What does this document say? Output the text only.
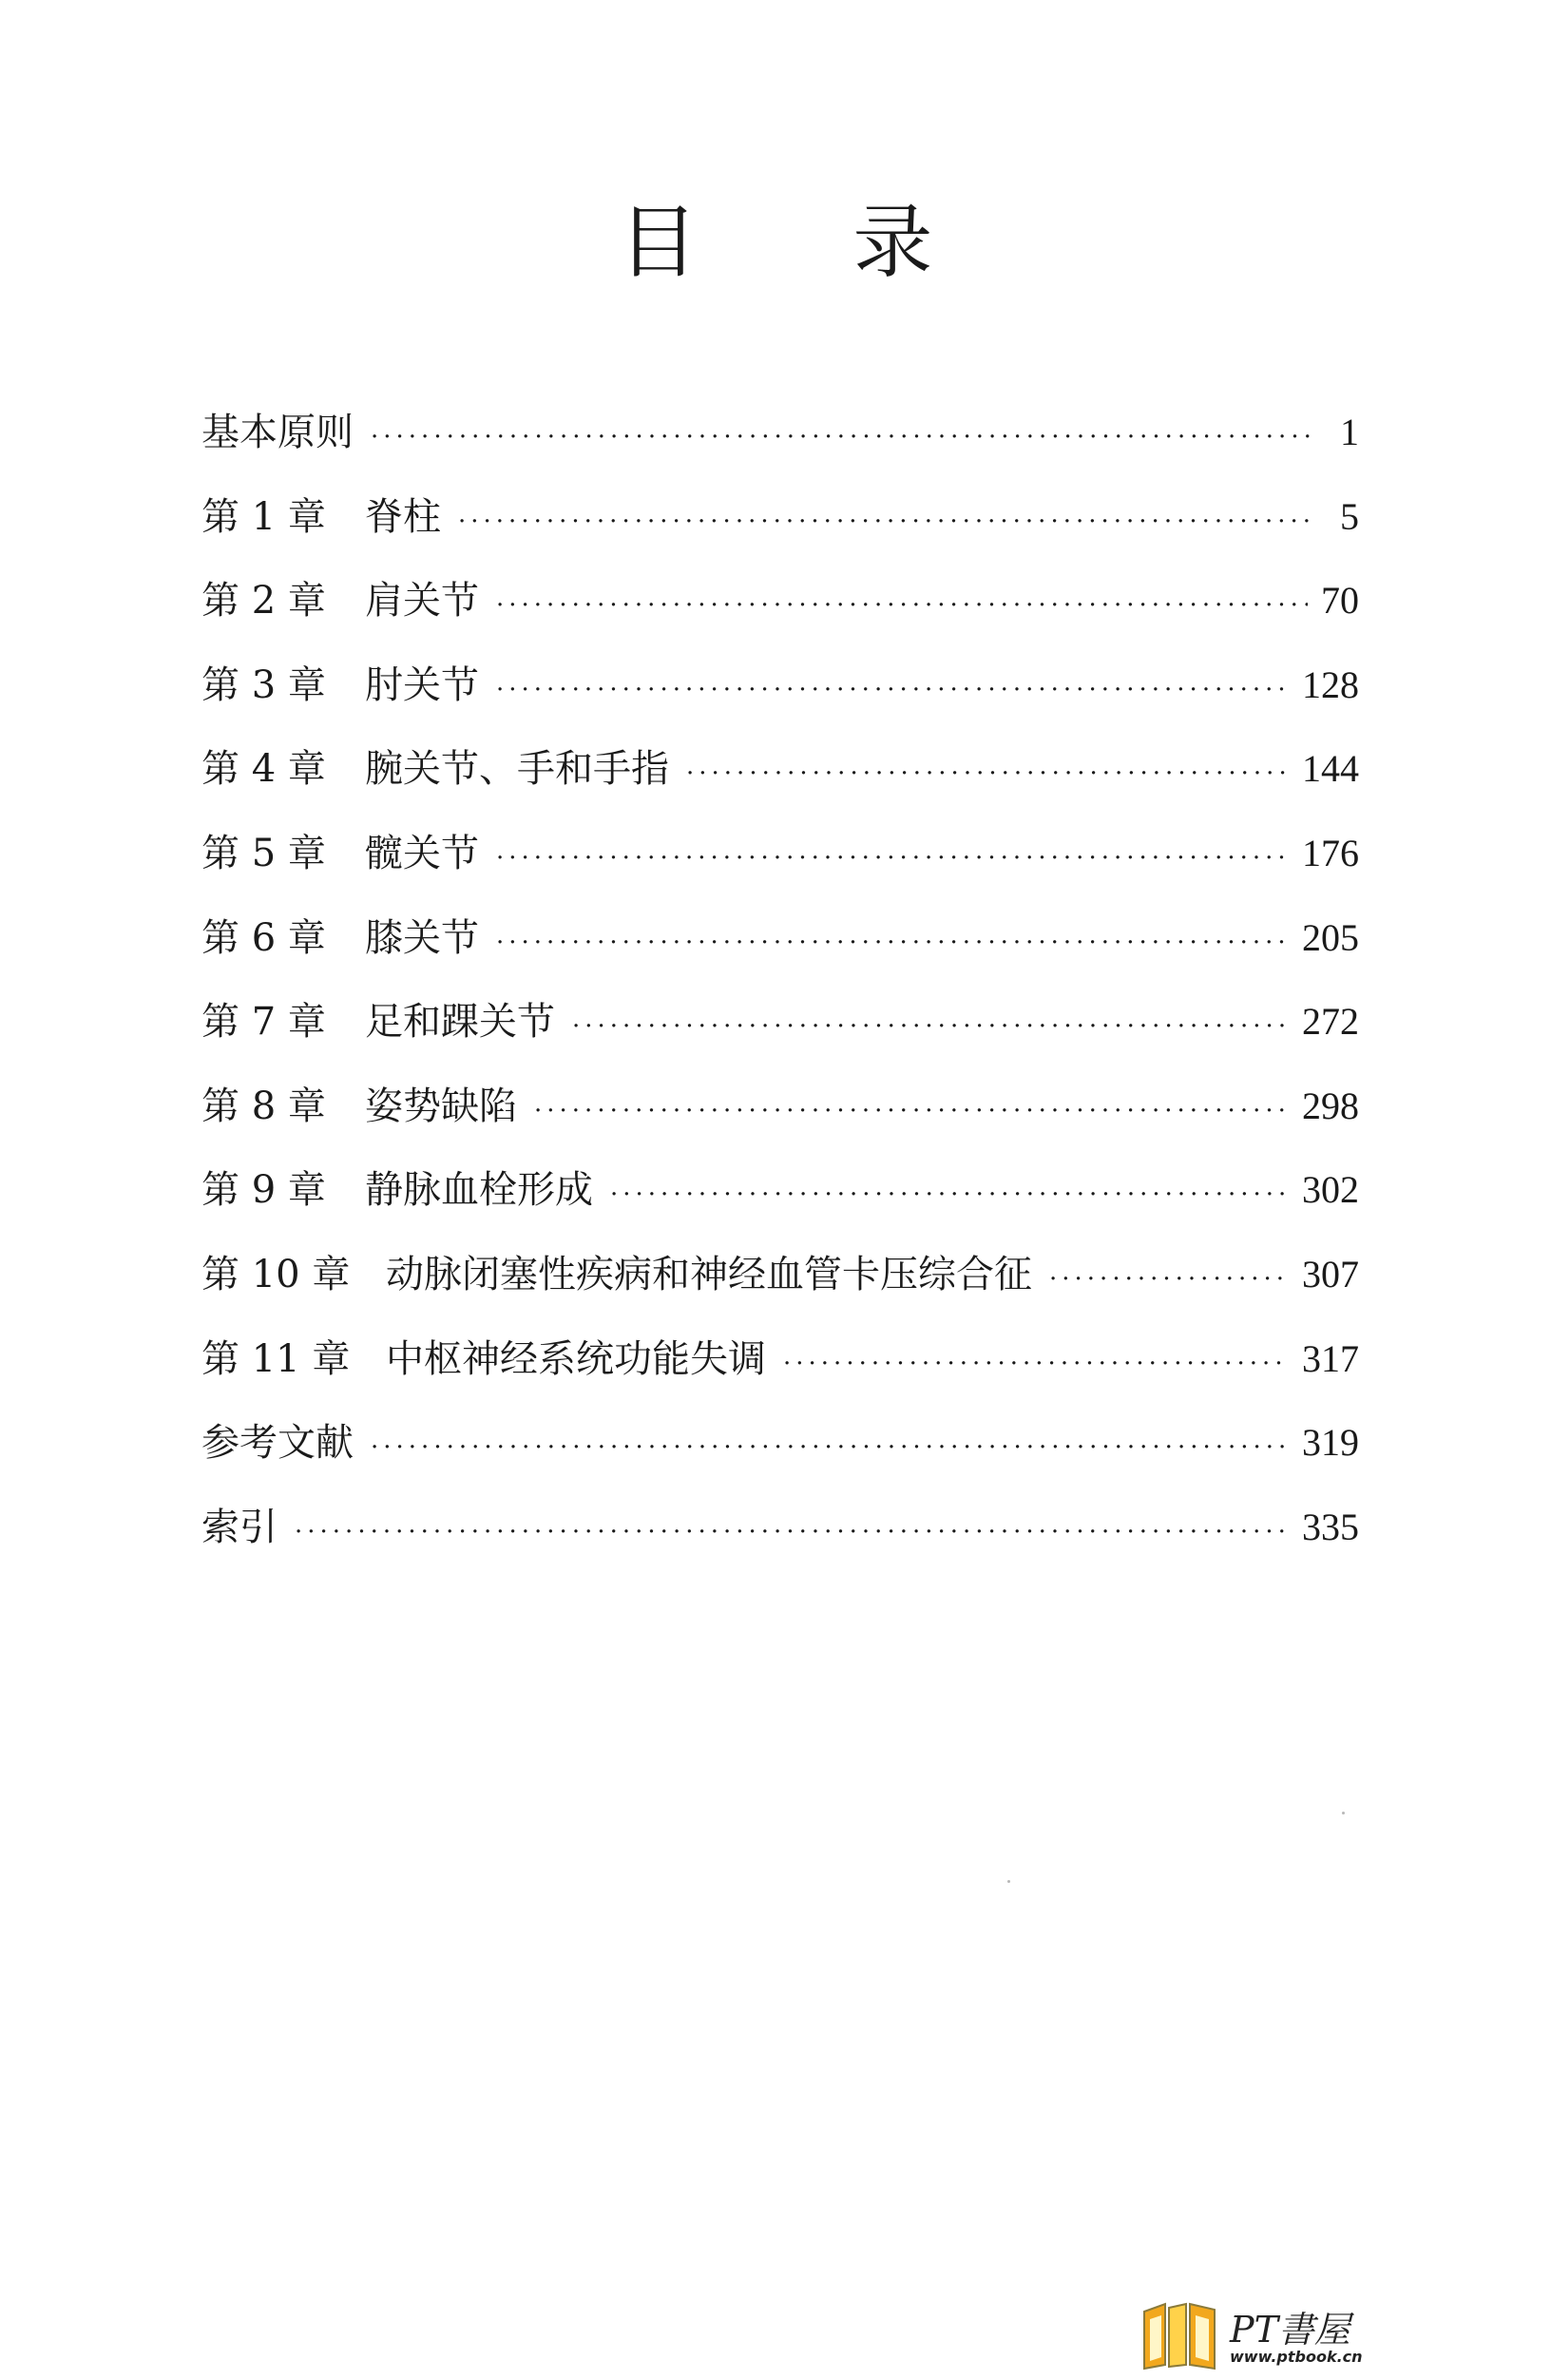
目 录
基本原则 ·····	1
第 1 章	脊柱 ·····	5
第 2 章	肩关节 ·····	70
第 3 章	肘关节 ·····	128
第 4 章	腕关节、手和手指 ·····	144
第 5 章	髋关节 ·····	176
第 6 章	膝关节 ·····	205
第 7 章	足和踝关节 ·····	272
第 8 章	姿势缺陷 ·····	298
第 9 章	静脉血栓形成 ·····	302
第 10 章 动脉闭塞性疾病和神经血管卡压综合征 ·····	307
第 11 章 中枢神经系统功能失调 ·····	317
参考文献 ·····	319
索引 ·····	335
PT書屋
www.ptbook.cn
